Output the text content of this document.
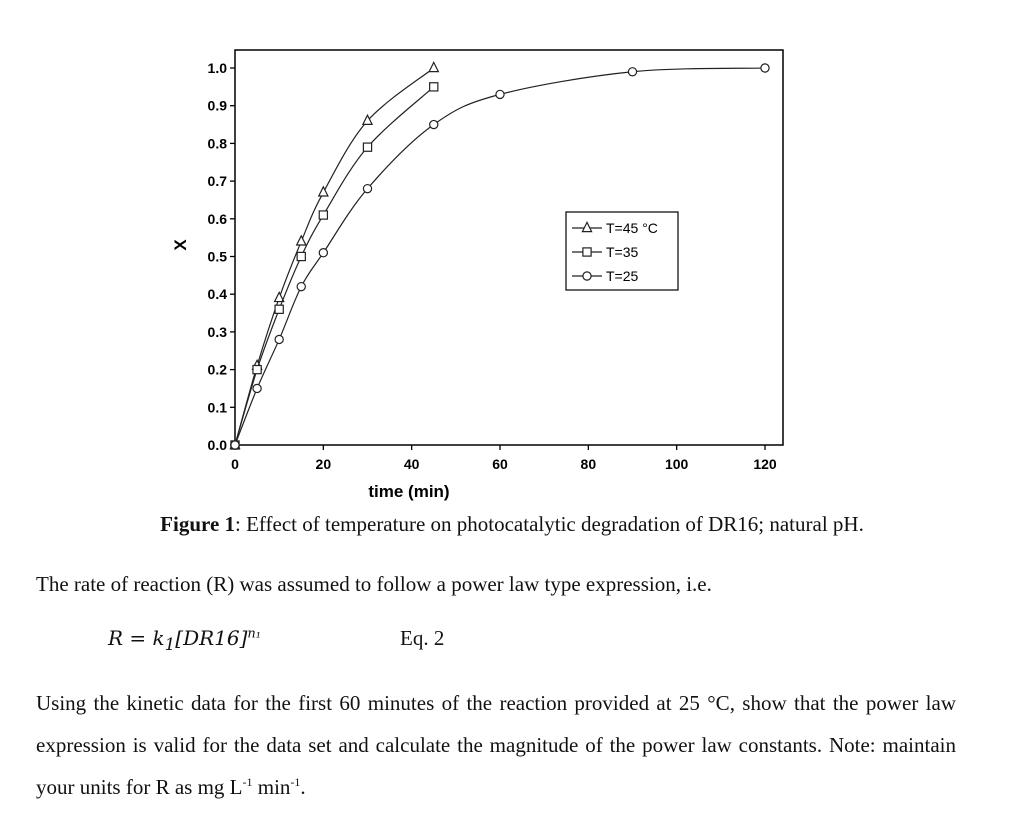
0.0
0.1
0.2
0.3
0.4
0.5
0.6
0.7
0.8
0.9
1.0
0	20	40	60	80	100	120
time (min)
X
T=45 °C
T=35
T=25
Figure 1: Effect of temperature on photocatalytic degradation of DR16; natural pH.
The rate of reaction (R) was assumed to follow a power law type expression, i.e.
$R = k_1[DR16]^{n_1}$	Eq. 2
Using the kinetic data for the first 60 minutes of the reaction provided at 25 °C, show that the power law expression is valid for the data set and calculate the magnitude of the power law constants. Note: maintain your units for R as mg $L^{-1}$ $\min^{-1}$.
